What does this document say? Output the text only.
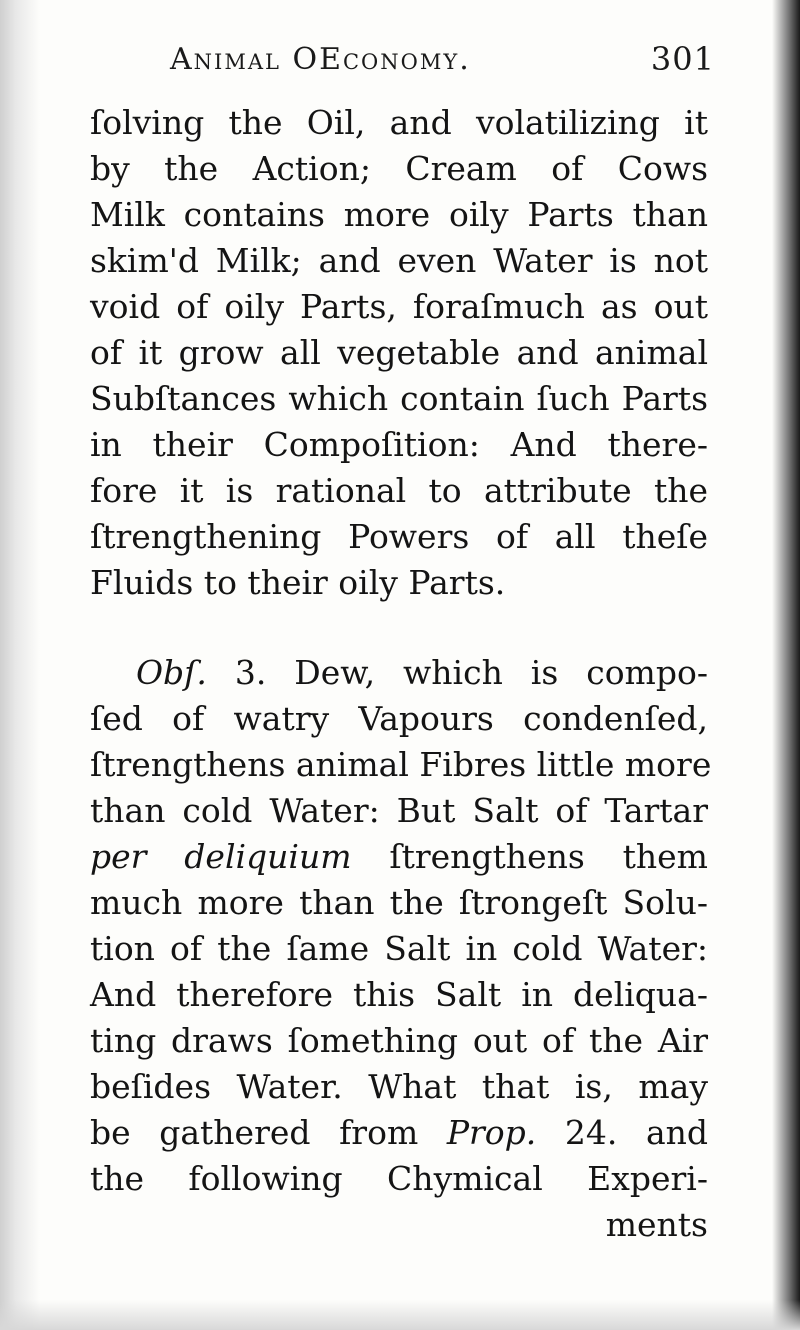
Animal OEconomy.	301
ſolving the Oil, and volatilizing it
by the Action; Cream of Cows
Milk contains more oily Parts than
skim'd Milk; and even Water is not
void of oily Parts, foraſmuch as out
of it grow all vegetable and animal
Subſtances which contain ſuch Parts
in their Compoſition: And there-
fore it is rational to attribute the
ſtrengthening Powers of all theſe
Fluids to their oily Parts.
Obſ. 3. Dew, which is compo-
ſed of watry Vapours condenſed,
ſtrengthens animal Fibres little more
than cold Water: But Salt of Tartar
per deliquium ſtrengthens them
much more than the ſtrongeſt Solu-
tion of the ſame Salt in cold Water:
And therefore this Salt in deliqua-
ting draws ſomething out of the Air
beſides Water. What that is, may
be gathered from Prop. 24. and
the following Chymical Experi-
ments
